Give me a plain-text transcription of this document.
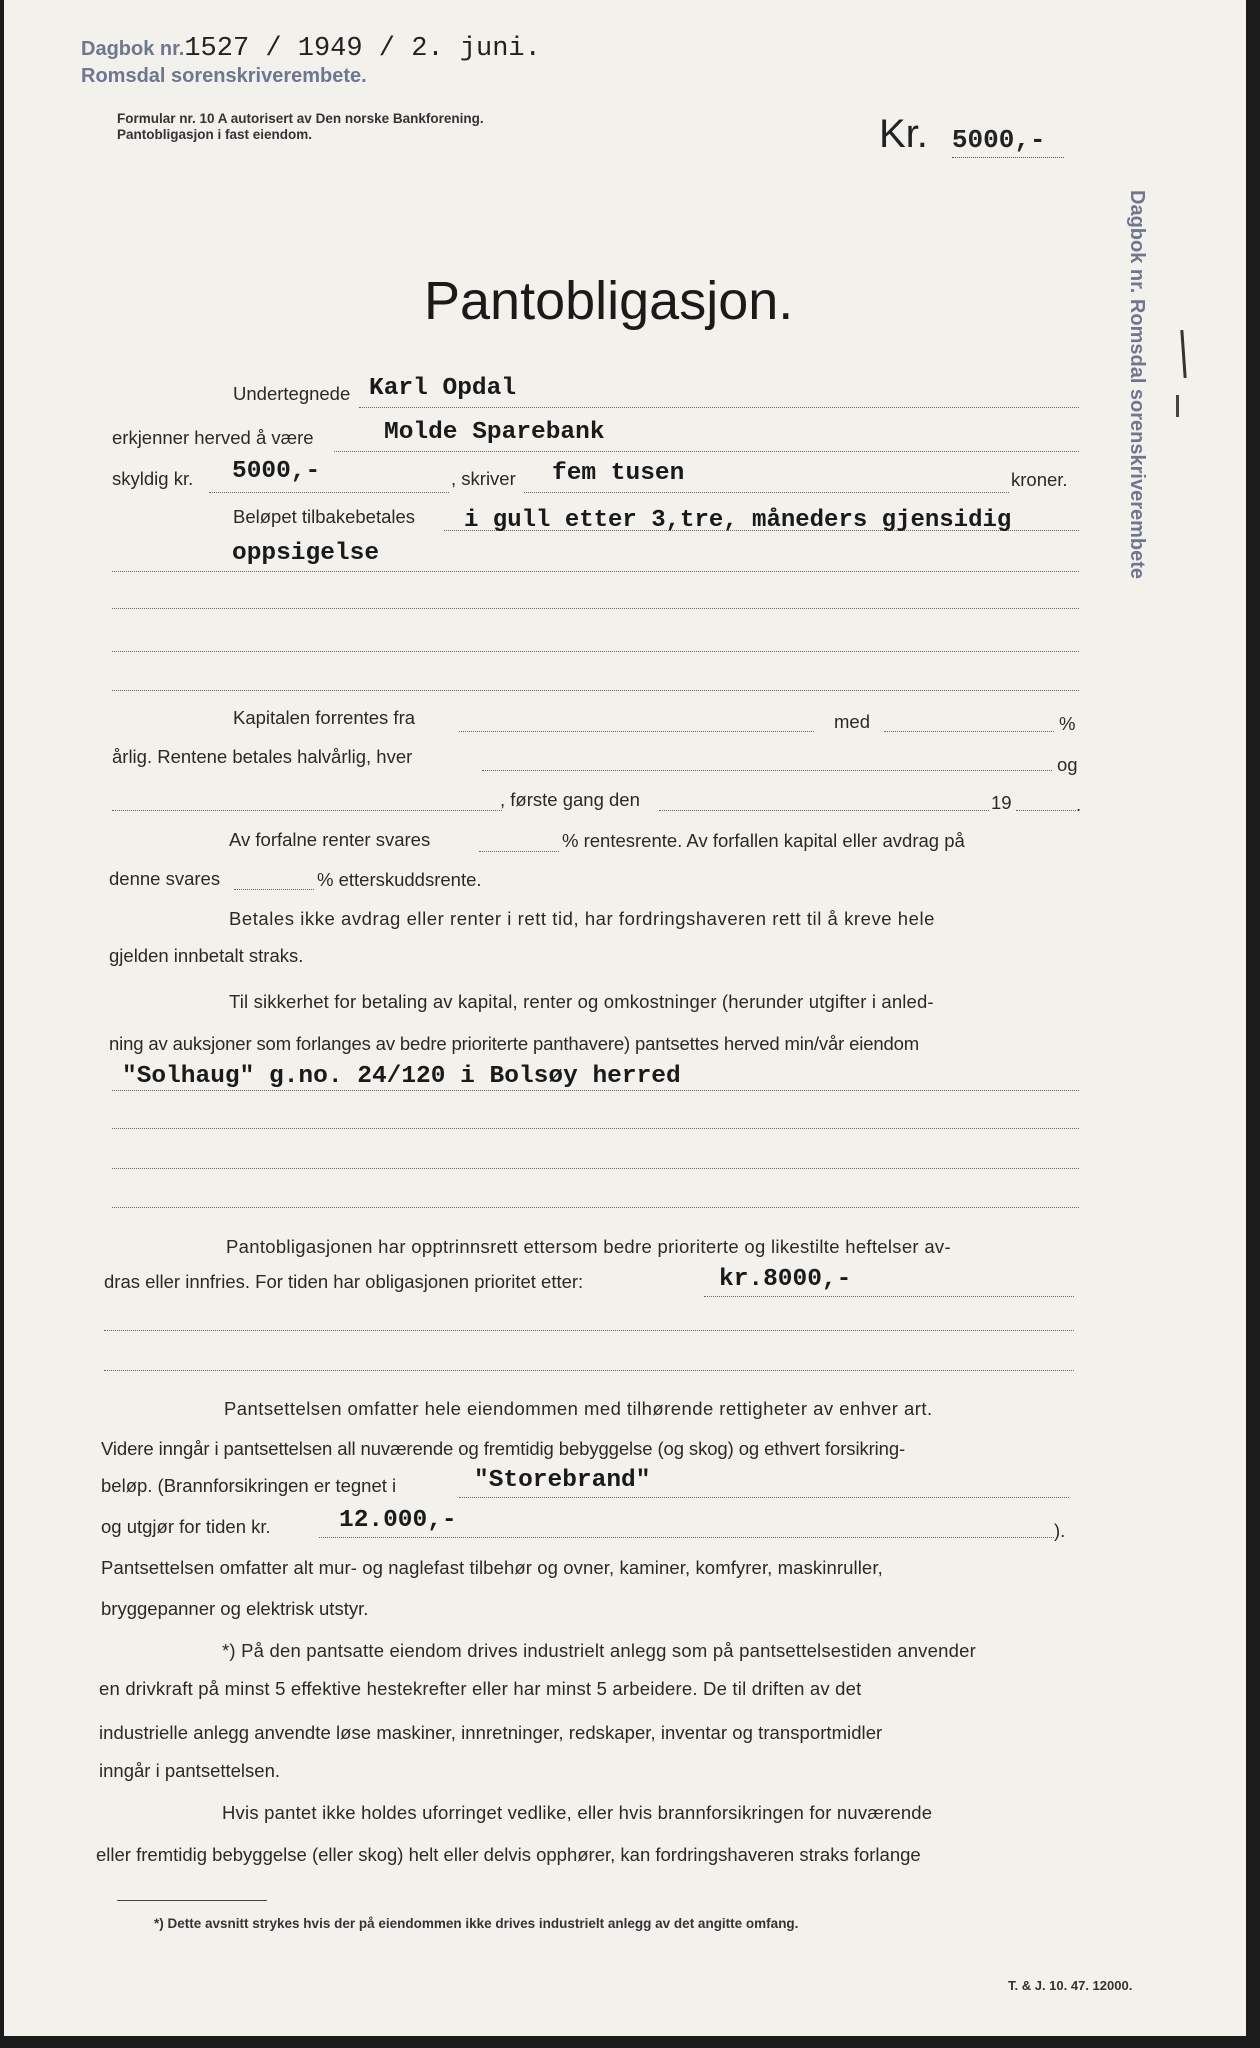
Dagbok nr.1527 / 1949 / 2. juni.
Romsdal sorenskriverembete.
Dagbok nr. Romsdal sorenskriverembete
Formular nr. 10 A autorisert av Den norske Bankforening.
Pantobligasjon i fast eiendom.	Kr. 5000,-
Pantobligasjon.
Undertegnede Karl Opdal
erkjenner herved å være	Molde Sparebank
skyldig kr. 5000,-	, skriver fem tusen	kroner.
Beløpet tilbakebetales i gull etter 3,tre, måneders gjensidig
oppsigelse
Kapitalen forrentes fra	med	%
årlig. Rentene betales halvårlig, hver	og
, første gang den	19	.
Av forfalne renter svares	% rentesrente. Av forfallen kapital eller avdrag på
denne svares	% etterskuddsrente.
Betales ikke avdrag eller renter i rett tid, har fordringshaveren rett til å kreve hele
gjelden innbetalt straks.
Til sikkerhet for betaling av kapital, renter og omkostninger (herunder utgifter i anled-
ning av auksjoner som forlanges av bedre prioriterte panthavere) pantsettes herved min/vår eiendom
"Solhaug" g.no. 24/120 i Bolsøy herred
Pantobligasjonen har opptrinnsrett ettersom bedre prioriterte og likestilte heftelser av-
dras eller innfries. For tiden har obligasjonen prioritet etter:	kr.8000,-
Pantsettelsen omfatter hele eiendommen med tilhørende rettigheter av enhver art.
Videre inngår i pantsettelsen all nuværende og fremtidig bebyggelse (og skog) og ethvert forsikring-
beløp. (Brannforsikringen er tegnet i	"Storebrand"
og utgjør for tiden kr.	12.000,-	).
Pantsettelsen omfatter alt mur- og naglefast tilbehør og ovner, kaminer, komfyrer, maskinruller,
bryggepanner og elektrisk utstyr.
*) På den pantsatte eiendom drives industrielt anlegg som på pantsettelsestiden anvender
en drivkraft på minst 5 effektive hestekrefter eller har minst 5 arbeidere. De til driften av det
industrielle anlegg anvendte løse maskiner, innretninger, redskaper, inventar og transportmidler
inngår i pantsettelsen.
Hvis pantet ikke holdes uforringet vedlike, eller hvis brannforsikringen for nuværende
eller fremtidig bebyggelse (eller skog) helt eller delvis opphører, kan fordringshaveren straks forlange
*) Dette avsnitt strykes hvis der på eiendommen ikke drives industrielt anlegg av det angitte omfang.
T. & J. 10. 47. 12000.
